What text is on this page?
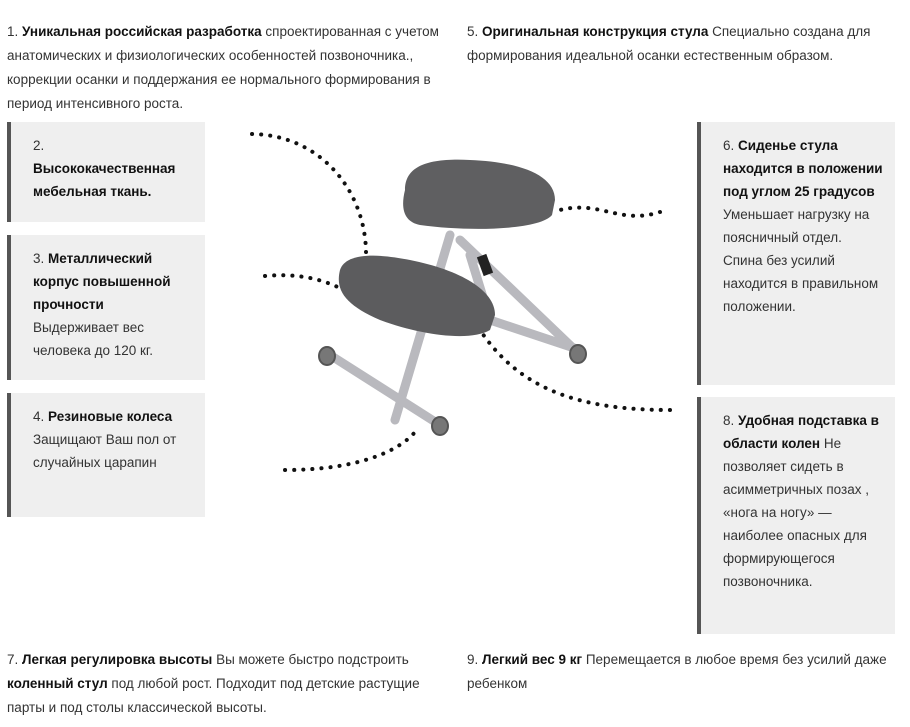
1. Уникальная российская разработка спроектированная с учетом анатомических и физиологических особенностей позвоночника., коррекции осанки и поддержания ее нормального формирования в период интенсивного роста.
5. Оригинальная конструкция стула Специально создана для формирования идеальной осанки естественным образом.
2.
Высококачественная мебельная ткань.
3. Металлический корпус повышенной прочности
Выдерживает вес человека до 120 кг.
4. Резиновые колеса
Защищают Ваш пол от случайных царапин
6. Сиденье стула находится в положении под углом 25 градусов
Уменьшает нагрузку на поясничный отдел. Спина без усилий находится в правильном положении.
8. Удобная подставка в области колен Не позволяет сидеть в асимметричных позах , «нога на ногу» — наиболее опасных для формирующегося позвоночника.
7. Легкая регулировка высоты Вы можете быстро подстроить коленный стул под любой рост. Подходит под детские растущие парты и под столы классической высоты.
9. Легкий вес 9 кг Перемещается в любое время без усилий даже ребенком
